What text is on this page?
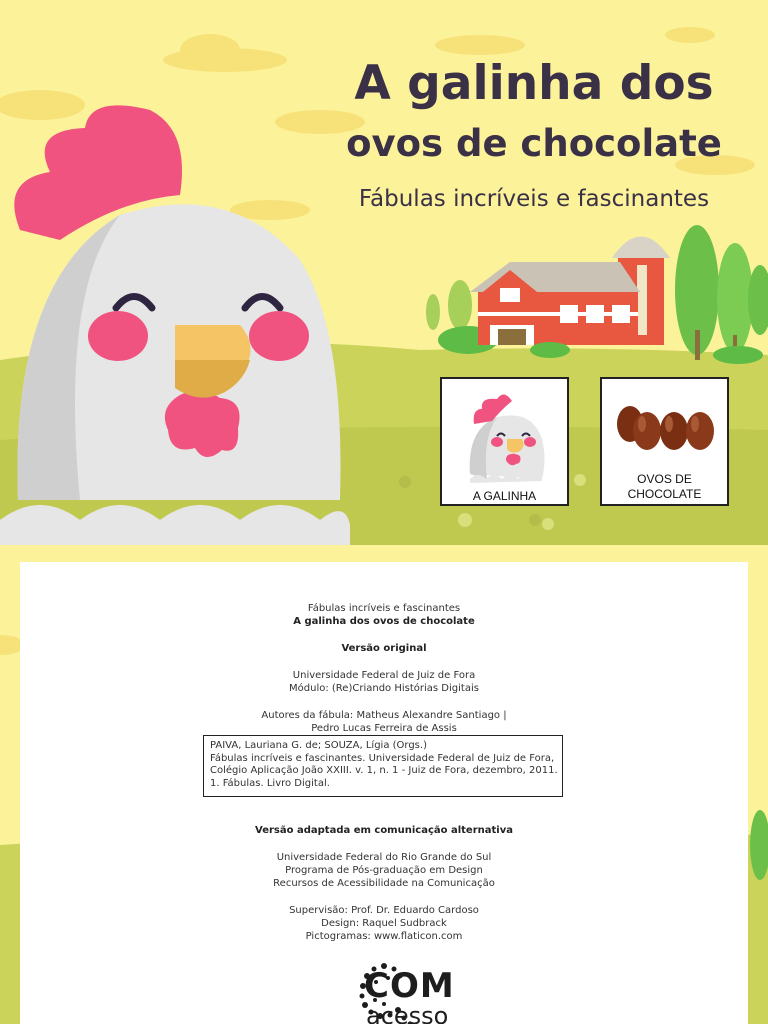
A galinha dos
ovos de chocolate
Fábulas incríveis e fascinantes
A GALINHA
OVOS DE
CHOCOLATE
Fábulas incríveis e fascinantes
A galinha dos ovos de chocolate
Versão original
Universidade Federal de Juiz de Fora
Módulo: (Re)Criando Histórias Digitais
Autores da fábula: Matheus Alexandre Santiago |
Pedro Lucas Ferreira de Assis
PAIVA, Lauriana G. de; SOUZA, Lígia (Orgs.)
Fábulas incríveis e fascinantes. Universidade Federal de Juiz de Fora,
Colégio Aplicação João XXIII. v. 1, n. 1 - Juiz de Fora, dezembro, 2011.
1. Fábulas. Livro Digital.
Versão adaptada em comunicação alternativa
Universidade Federal do Rio Grande do Sul
Programa de Pós-graduação em Design
Recursos de Acessibilidade na Comunicação
Supervisão: Prof. Dr. Eduardo Cardoso
Design: Raquel Sudbrack
Pictogramas: www.flaticon.com
COM
acesso
